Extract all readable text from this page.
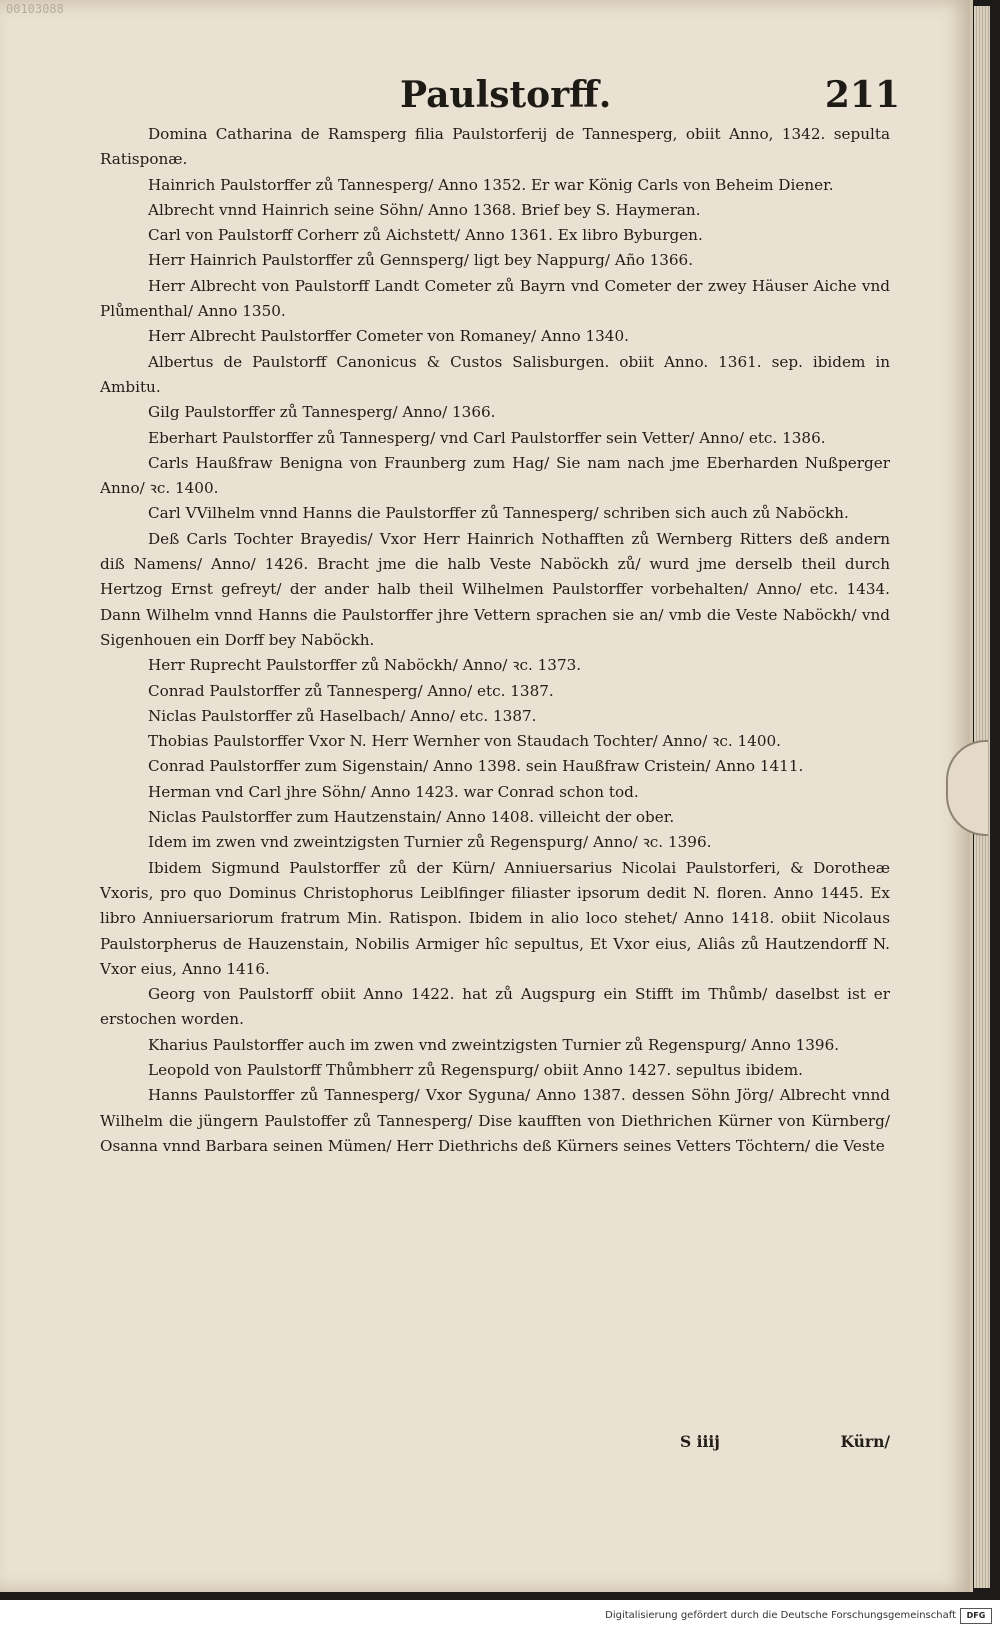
00103088
Paulstorff.	211

Domina Catharina de Ramsperg filia Paulstorferij de Tannesperg, obiit Anno, 1342. sepulta Ratisponæ.

Hainrich Paulstorffer zů Tannesperg/ Anno 1352. Er war König Carls von Beheim Diener.

Albrecht vnnd Hainrich seine Söhn/ Anno 1368. Brief bey S. Haymeran.

Carl von Paulstorff Corherr zů Aichstett/ Anno 1361. Ex libro Byburgen.

Herr Hainrich Paulstorffer zů Gennsperg/ ligt bey Nappurg/ Año 1366.

Herr Albrecht von Paulstorff Landt Cometer zů Bayrn vnd Cometer der zwey Häuser Aiche vnd Plůmenthal/ Anno 1350.

Herr Albrecht Paulstorffer Cometer von Romaney/ Anno 1340.

Albertus de Paulstorff Canonicus & Custos Salisburgen. obiit Anno. 1361. sep. ibidem in Ambitu.

Gilg Paulstorffer zů Tannesperg/ Anno/ 1366.

Eberhart Paulstorffer zů Tannesperg/ vnd Carl Paulstorffer sein Vetter/ Anno/ etc. 1386.

Carls Haußfraw Benigna von Fraunberg zum Hag/ Sie nam nach jme Eberharden Nußperger Anno/ ꝛc. 1400.

Carl VVilhelm vnnd Hanns die Paulstorffer zů Tannesperg/ schriben sich auch zů Naböckh.

Deß Carls Tochter Brayedis/ Vxor Herr Hainrich Nothafften zů Wernberg Ritters deß andern diß Namens/ Anno/ 1426. Bracht jme die halb Veste Naböckh zů/ wurd jme derselb theil durch Hertzog Ernst gefreyt/ der ander halb theil Wilhelmen Paulstorffer vorbehalten/ Anno/ etc. 1434. Dann Wilhelm vnnd Hanns die Paulstorffer jhre Vettern sprachen sie an/ vmb die Veste Naböckh/ vnd Sigenhouen ein Dorff bey Naböckh.

Herr Ruprecht Paulstorffer zů Naböckh/ Anno/ ꝛc. 1373.

Conrad Paulstorffer zů Tannesperg/ Anno/ etc. 1387.

Niclas Paulstorffer zů Haselbach/ Anno/ etc. 1387.

Thobias Paulstorffer Vxor N. Herr Wernher von Staudach Tochter/ Anno/ ꝛc. 1400.

Conrad Paulstorffer zum Sigenstain/ Anno 1398. sein Haußfraw Cristein/ Anno 1411.

Herman vnd Carl jhre Söhn/ Anno 1423. war Conrad schon tod.

Niclas Paulstorffer zum Hautzenstain/ Anno 1408. villeicht der ober.

Idem im zwen vnd zweintzigsten Turnier zů Regenspurg/ Anno/ ꝛc. 1396.

Ibidem Sigmund Paulstorffer zů der Kürn/ Anniuersarius Nicolai Paulstorferi, & Dorotheæ Vxoris, pro quo Dominus Christophorus Leiblfinger filiaster ipsorum dedit N. floren. Anno 1445. Ex libro Anniuersariorum fratrum Min. Ratispon. Ibidem in alio loco stehet/ Anno 1418. obiit Nicolaus Paulstorpherus de Hauzenstain, Nobilis Armiger hîc sepultus, Et Vxor eius, Aliâs zů Hautzendorff N. Vxor eius, Anno 1416.

Georg von Paulstorff obiit Anno 1422. hat zů Augspurg ein Stifft im Thůmb/ daselbst ist er erstochen worden.

Kharius Paulstorffer auch im zwen vnd zweintzigsten Turnier zů Regenspurg/ Anno 1396.

Leopold von Paulstorff Thůmbherr zů Regenspurg/ obiit Anno 1427. sepultus ibidem.

Hanns Paulstorffer zů Tannesperg/ Vxor Syguna/ Anno 1387. dessen Söhn Jörg/ Albrecht vnnd Wilhelm die jüngern Paulstoffer zů Tannesperg/ Dise kaufften von Diethrichen Kürner von Kürnberg/ Osanna vnnd Barbara seinen Mümen/ Herr Diethrichs deß Kürners seines Vetters Töchtern/ die Veste

S iiij	Kürn/
Digitalisierung gefördert durch die Deutsche Forschungsgemeinschaft	DFG
